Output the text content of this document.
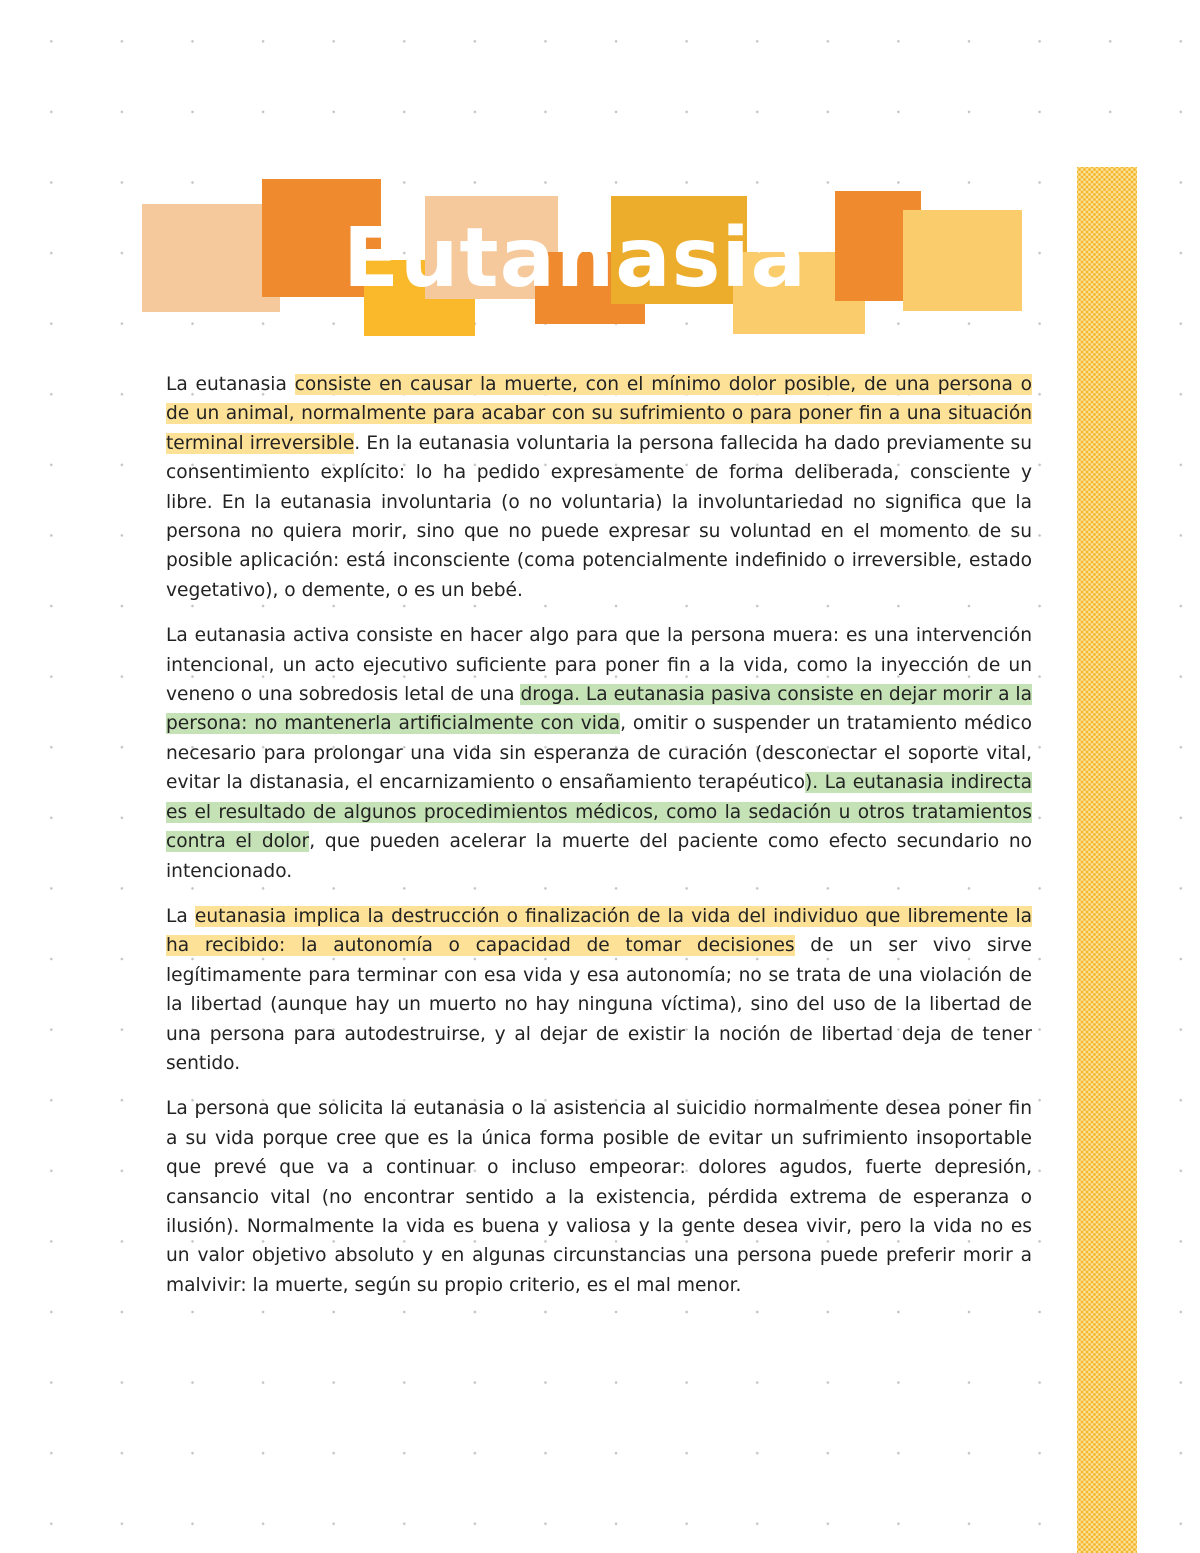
Eutanasia

La eutanasia consiste en causar la muerte, con el mínimo dolor posible, de una persona o de un animal, normalmente para acabar con su sufrimiento o para poner fin a una situación terminal irreversible. En la eutanasia voluntaria la persona fallecida ha dado previamente su consentimiento explícito: lo ha pedido expresamente de forma deliberada, consciente y libre. En la eutanasia involuntaria (o no voluntaria) la involuntariedad no significa que la persona no quiera morir, sino que no puede expresar su voluntad en el momento de su posible aplicación: está inconsciente (coma potencialmente indefinido o irreversible, estado vegetativo), o demente, o es un bebé.

La eutanasia activa consiste en hacer algo para que la persona muera: es una intervención intencional, un acto ejecutivo suficiente para poner fin a la vida, como la inyección de un veneno o una sobredosis letal de una droga. La eutanasia pasiva consiste en dejar morir a la persona: no mantenerla artificialmente con vida, omitir o suspender un tratamiento médico necesario para prolongar una vida sin esperanza de curación (desconectar el soporte vital, evitar la distanasia, el encarnizamiento o ensañamiento terapéutico). La eutanasia indirecta es el resultado de algunos procedimientos médicos, como la sedación u otros tratamientos contra el dolor, que pueden acelerar la muerte del paciente como efecto secundario no intencionado.

La eutanasia implica la destrucción o finalización de la vida del individuo que libremente la ha recibido: la autonomía o capacidad de tomar decisiones de un ser vivo sirve legítimamente para terminar con esa vida y esa autonomía; no se trata de una violación de la libertad (aunque hay un muerto no hay ninguna víctima), sino del uso de la libertad de una persona para autodestruirse, y al dejar de existir la noción de libertad deja de tener sentido.

La persona que solicita la eutanasia o la asistencia al suicidio normalmente desea poner fin a su vida porque cree que es la única forma posible de evitar un sufrimiento insoportable que prevé que va a continuar o incluso empeorar: dolores agudos, fuerte depresión, cansancio vital (no encontrar sentido a la existencia, pérdida extrema de esperanza o ilusión). Normalmente la vida es buena y valiosa y la gente desea vivir, pero la vida no es un valor objetivo absoluto y en algunas circunstancias una persona puede preferir morir a malvivir: la muerte, según su propio criterio, es el mal menor.
